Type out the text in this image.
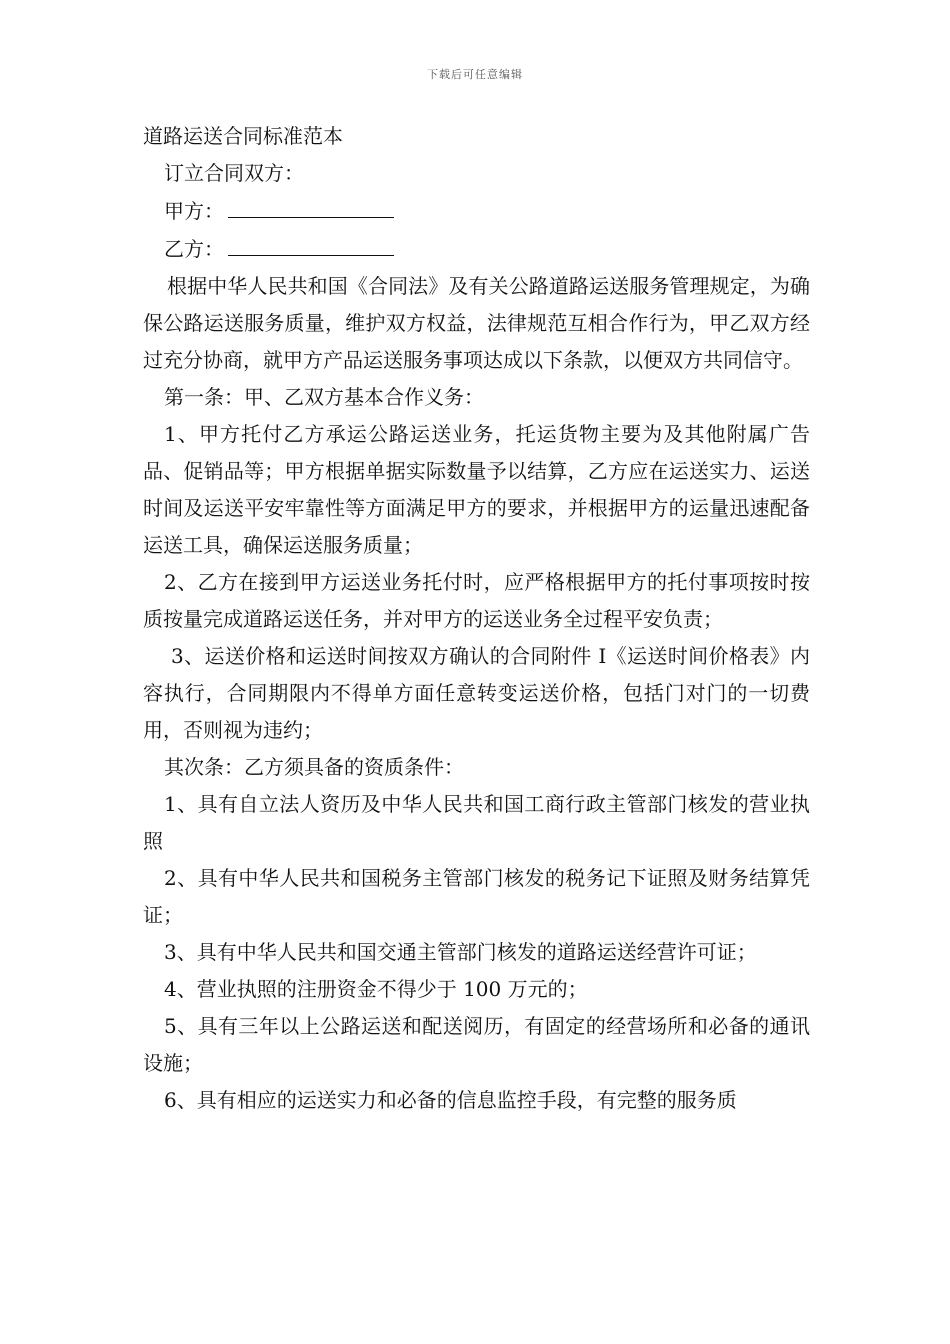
下载后可任意编辑

道路运送合同标准范本

订立合同双方：

甲方：

乙方：

根据中华人民共和国《合同法》及有关公路道路运送服务管理规定，为确保公路运送服务质量，维护双方权益，法律规范互相合作行为，甲乙双方经过充分协商，就甲方产品运送服务事项达成以下条款，以便双方共同信守。

第一条：甲、乙双方基本合作义务：

1、甲方托付乙方承运公路运送业务，托运货物主要为及其他附属广告品、促销品等；甲方根据单据实际数量予以结算，乙方应在运送实力、运送时间及运送平安牢靠性等方面满足甲方的要求，并根据甲方的运量迅速配备运送工具，确保运送服务质量；

2、乙方在接到甲方运送业务托付时，应严格根据甲方的托付事项按时按质按量完成道路运送任务，并对甲方的运送业务全过程平安负责；

3、运送价格和运送时间按双方确认的合同附件 I《运送时间价格表》内容执行，合同期限内不得单方面任意转变运送价格，包括门对门的一切费用，否则视为违约；

其次条：乙方须具备的资质条件：

1、具有自立法人资历及中华人民共和国工商行政主管部门核发的营业执照

2、具有中华人民共和国税务主管部门核发的税务记下证照及财务结算凭证；

3、具有中华人民共和国交通主管部门核发的道路运送经营许可证；

4、营业执照的注册资金不得少于 100 万元的；

5、具有三年以上公路运送和配送阅历，有固定的经营场所和必备的通讯设施；

6、具有相应的运送实力和必备的信息监控手段，有完整的服务质
